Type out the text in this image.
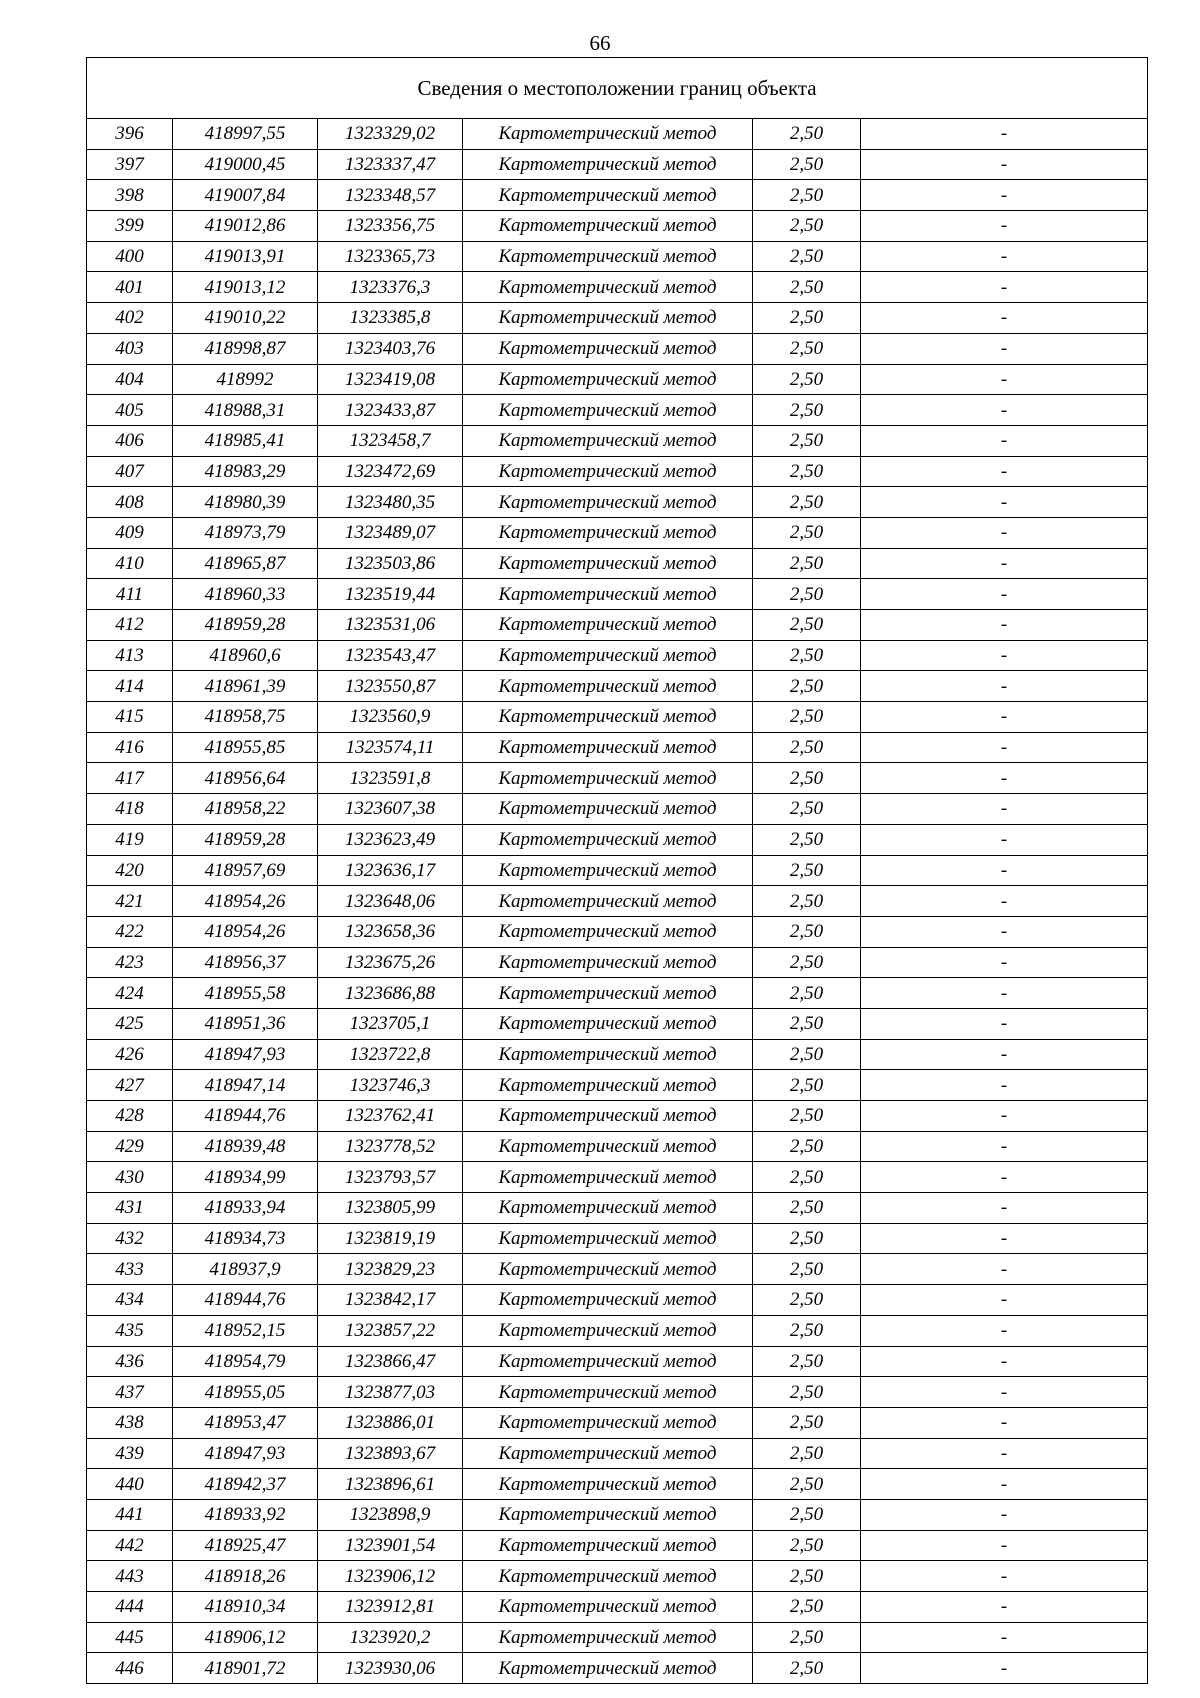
66
Сведения о местоположении границ объекта					
396	418997,55	1323329,02	Картометрический метод	2,50	-
397	419000,45	1323337,47	Картометрический метод	2,50	-
398	419007,84	1323348,57	Картометрический метод	2,50	-
399	419012,86	1323356,75	Картометрический метод	2,50	-
400	419013,91	1323365,73	Картометрический метод	2,50	-
401	419013,12	1323376,3	Картометрический метод	2,50	-
402	419010,22	1323385,8	Картометрический метод	2,50	-
403	418998,87	1323403,76	Картометрический метод	2,50	-
404	418992	1323419,08	Картометрический метод	2,50	-
405	418988,31	1323433,87	Картометрический метод	2,50	-
406	418985,41	1323458,7	Картометрический метод	2,50	-
407	418983,29	1323472,69	Картометрический метод	2,50	-
408	418980,39	1323480,35	Картометрический метод	2,50	-
409	418973,79	1323489,07	Картометрический метод	2,50	-
410	418965,87	1323503,86	Картометрический метод	2,50	-
411	418960,33	1323519,44	Картометрический метод	2,50	-
412	418959,28	1323531,06	Картометрический метод	2,50	-
413	418960,6	1323543,47	Картометрический метод	2,50	-
414	418961,39	1323550,87	Картометрический метод	2,50	-
415	418958,75	1323560,9	Картометрический метод	2,50	-
416	418955,85	1323574,11	Картометрический метод	2,50	-
417	418956,64	1323591,8	Картометрический метод	2,50	-
418	418958,22	1323607,38	Картометрический метод	2,50	-
419	418959,28	1323623,49	Картометрический метод	2,50	-
420	418957,69	1323636,17	Картометрический метод	2,50	-
421	418954,26	1323648,06	Картометрический метод	2,50	-
422	418954,26	1323658,36	Картометрический метод	2,50	-
423	418956,37	1323675,26	Картометрический метод	2,50	-
424	418955,58	1323686,88	Картометрический метод	2,50	-
425	418951,36	1323705,1	Картометрический метод	2,50	-
426	418947,93	1323722,8	Картометрический метод	2,50	-
427	418947,14	1323746,3	Картометрический метод	2,50	-
428	418944,76	1323762,41	Картометрический метод	2,50	-
429	418939,48	1323778,52	Картометрический метод	2,50	-
430	418934,99	1323793,57	Картометрический метод	2,50	-
431	418933,94	1323805,99	Картометрический метод	2,50	-
432	418934,73	1323819,19	Картометрический метод	2,50	-
433	418937,9	1323829,23	Картометрический метод	2,50	-
434	418944,76	1323842,17	Картометрический метод	2,50	-
435	418952,15	1323857,22	Картометрический метод	2,50	-
436	418954,79	1323866,47	Картометрический метод	2,50	-
437	418955,05	1323877,03	Картометрический метод	2,50	-
438	418953,47	1323886,01	Картометрический метод	2,50	-
439	418947,93	1323893,67	Картометрический метод	2,50	-
440	418942,37	1323896,61	Картометрический метод	2,50	-
441	418933,92	1323898,9	Картометрический метод	2,50	-
442	418925,47	1323901,54	Картометрический метод	2,50	-
443	418918,26	1323906,12	Картометрический метод	2,50	-
444	418910,34	1323912,81	Картометрический метод	2,50	-
445	418906,12	1323920,2	Картометрический метод	2,50	-
446	418901,72	1323930,06	Картометрический метод	2,50	-
